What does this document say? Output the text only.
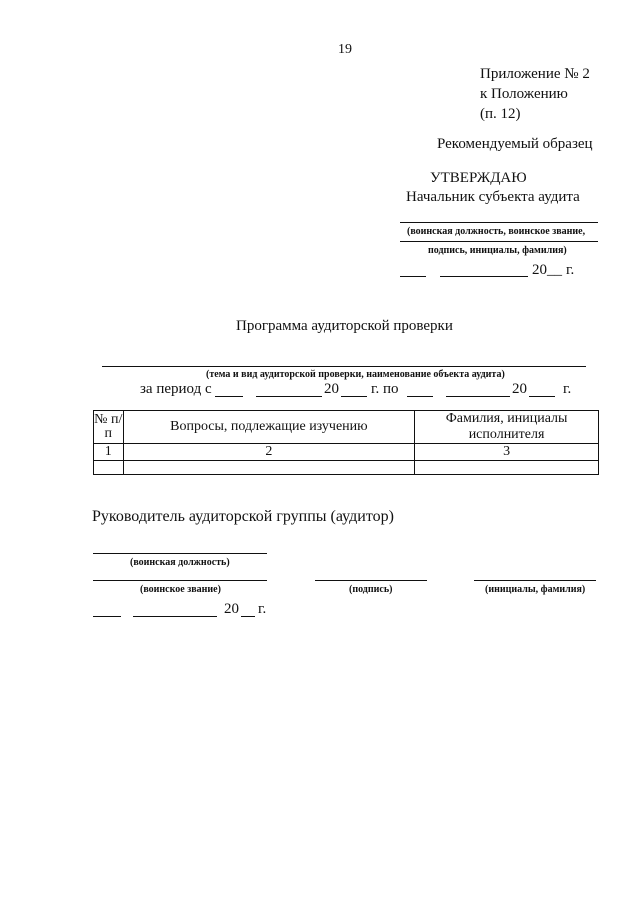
19
Приложение № 2
к Положению
(п. 12)
Рекомендуемый образец
УТВЕРЖДАЮ
Начальник субъекта аудита
(воинская должность, воинское звание,
подпись, инициалы, фамилия)
20__ г.
Программа аудиторской проверки
(тема и вид аудиторской проверки, наименование объекта аудита)
за период с	20 г. по	20 г.
№ п/п	Вопросы, подлежащие изучению	Фамилия, инициалы исполнителя
1	2	3

Руководитель аудиторской группы (аудитор)
(воинская должность)
(воинское звание)	(подпись)	(инициалы, фамилия)
20 г.
